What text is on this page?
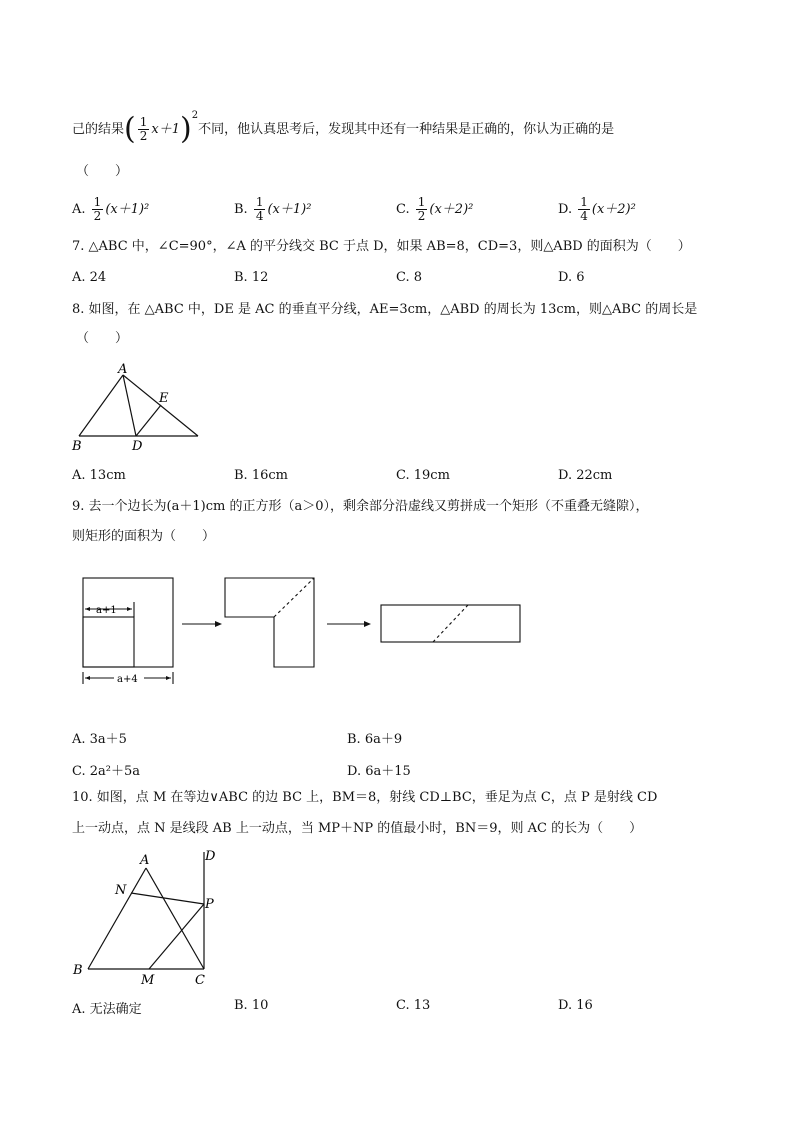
己的结果( $\frac{1}{2} x+1)^2$不同，他认真思考后，发现其中还有一种结果是正确的，你认为正确的是
（　　）
A. $\frac{1}{2} (x+1)^2$	B. $\frac{1}{4} (x+1)^2$	C. $\frac{1}{2} (x+2)^2$	D. $\frac{1}{4} (x+2)^2$
7. △ABC 中，∠C=90°，∠A 的平分线交 BC 于点 D，如果 AB=8，CD=3，则△ABD 的面积为（　　）
A. 24	B. 12	C. 8	D. 6
8. 如图，在 △ABC 中，DE 是 AC 的垂直平分线，AE=3cm，△ABD 的周长为 13cm，则△ABC 的周长是
（　　）
A
B	D
E
A. 13cm	B. 16cm	C. 19cm	D. 22cm
9. 去一个边长为(a＋1)cm 的正方形（a＞0），剩余部分沿虚线又剪拼成一个矩形（不重叠无缝隙），
则矩形的面积为（　　）
a+1
a+4
A. 3a＋5	B. 6a＋9
C. 2a²＋5a	D. 6a＋15
10. 如图，点 M 在等边∨ABC 的边 BC 上，BM＝8，射线 CD⊥BC，垂足为点 C，点 P 是射线 CD
上一动点，点 N 是线段 AB 上一动点，当 MP＋NP 的值最小时，BN＝9，则 AC 的长为（　　）
A
B
C
D
M
N
P
A. 无法确定	B. 10	C. 13	D. 16
